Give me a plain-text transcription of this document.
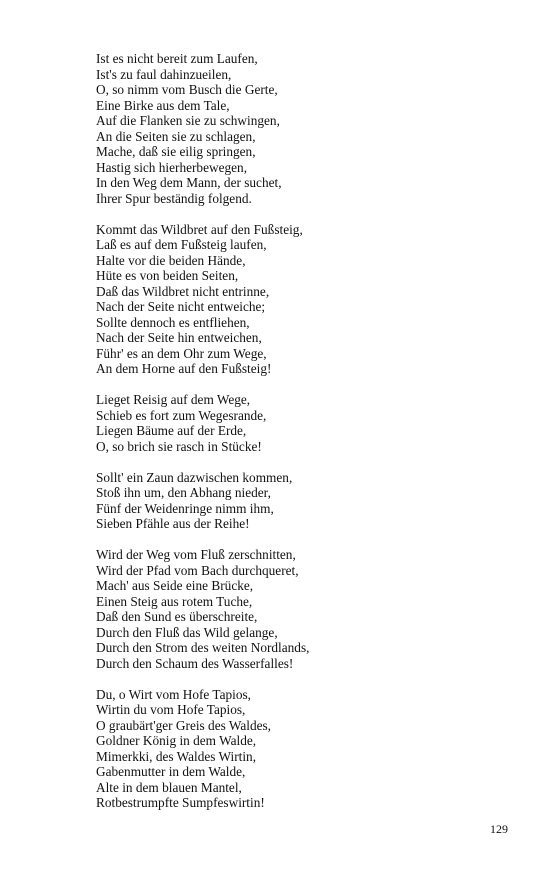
Ist es nicht bereit zum Laufen,
Ist's zu faul dahinzueilen,
O, so nimm vom Busch die Gerte,
Eine Birke aus dem Tale,
Auf die Flanken sie zu schwingen,
An die Seiten sie zu schlagen,
Mache, daß sie eilig springen,
Hastig sich hierherbewegen,
In den Weg dem Mann, der suchet,
Ihrer Spur beständig folgend.
Kommt das Wildbret auf den Fußsteig,
Laß es auf dem Fußsteig laufen,
Halte vor die beiden Hände,
Hüte es von beiden Seiten,
Daß das Wildbret nicht entrinne,
Nach der Seite nicht entweiche;
Sollte dennoch es entfliehen,
Nach der Seite hin entweichen,
Führ' es an dem Ohr zum Wege,
An dem Horne auf den Fußsteig!
Lieget Reisig auf dem Wege,
Schieb es fort zum Wegesrande,
Liegen Bäume auf der Erde,
O, so brich sie rasch in Stücke!
Sollt' ein Zaun dazwischen kommen,
Stoß ihn um, den Abhang nieder,
Fünf der Weidenringe nimm ihm,
Sieben Pfähle aus der Reihe!
Wird der Weg vom Fluß zerschnitten,
Wird der Pfad vom Bach durchqueret,
Mach' aus Seide eine Brücke,
Einen Steig aus rotem Tuche,
Daß den Sund es überschreite,
Durch den Fluß das Wild gelange,
Durch den Strom des weiten Nordlands,
Durch den Schaum des Wasserfalles!
Du, o Wirt vom Hofe Tapios,
Wirtin du vom Hofe Tapios,
O graubärt'ger Greis des Waldes,
Goldner König in dem Walde,
Mimerkki, des Waldes Wirtin,
Gabenmutter in dem Walde,
Alte in dem blauen Mantel,
Rotbestrumpfte Sumpfeswirtin!
129
